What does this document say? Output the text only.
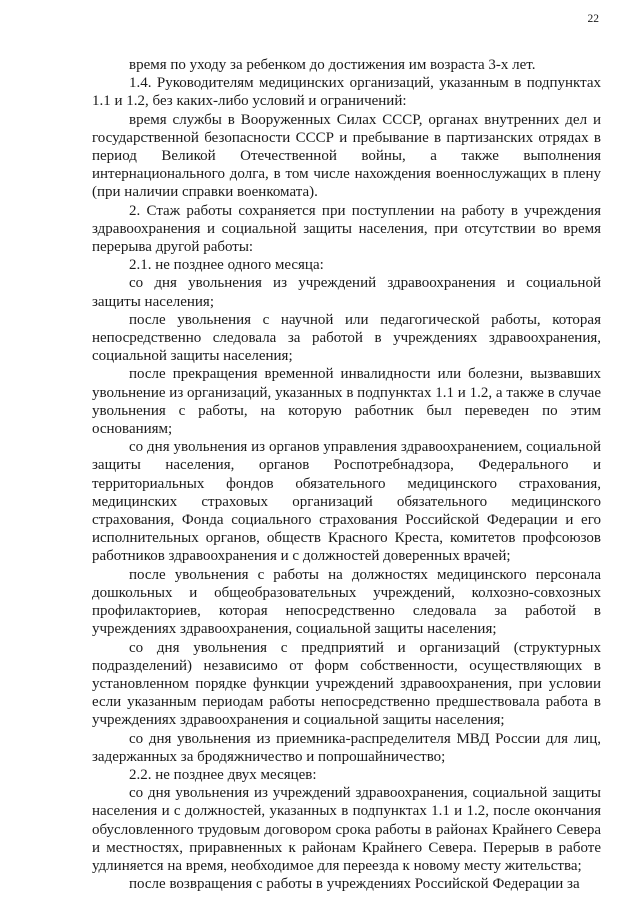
22

время по уходу за ребенком до достижения им возраста 3-х лет.

1.4. Руководителям медицинских организаций, указанным в подпунктах 1.1 и 1.2, без каких-либо условий и ограничений:

время службы в Вооруженных Силах СССР, органах внутренних дел и государственной безопасности СССР и пребывание в партизанских отрядах в период Великой Отечественной войны, а также выполнения интернационального долга, в том числе нахождения военнослужащих в плену (при наличии справки военкомата).

2. Стаж работы сохраняется при поступлении на работу в учреждения здравоохранения и социальной защиты населения, при отсутствии во время перерыва другой работы:

2.1. не позднее одного месяца:

со дня увольнения из учреждений здравоохранения и социальной защиты населения;

после увольнения с научной или педагогической работы, которая непосредственно следовала за работой в учреждениях здравоохранения, социальной защиты населения;

после прекращения временной инвалидности или болезни, вызвавших увольнение из организаций, указанных в подпунктах 1.1 и 1.2, а также в случае увольнения с работы, на которую работник был переведен по этим основаниям;

со дня увольнения из органов управления здравоохранением, социальной защиты населения, органов Роспотребнадзора, Федерального и территориальных фондов обязательного медицинского страхования, медицинских страховых организаций обязательного медицинского страхования, Фонда социального страхования Российской Федерации и его исполнительных органов, обществ Красного Креста, комитетов профсоюзов работников здравоохранения и с должностей доверенных врачей;

после увольнения с работы на должностях медицинского персонала дошкольных и общеобразовательных учреждений, колхозно-совхозных профилакториев, которая непосредственно следовала за работой в учреждениях здравоохранения, социальной защиты населения;

со дня увольнения с предприятий и организаций (структурных подразделений) независимо от форм собственности, осуществляющих в установленном порядке функции учреждений здравоохранения, при условии если указанным периодам работы непосредственно предшествовала работа в учреждениях здравоохранения и социальной защиты населения;

со дня увольнения из приемника-распределителя МВД России для лиц, задержанных за бродяжничество и попрошайничество;

2.2. не позднее двух месяцев:

со дня увольнения из учреждений здравоохранения, социальной защиты населения и с должностей, указанных в подпунктах 1.1 и 1.2, после окончания обусловленного трудовым договором срока работы в районах Крайнего Севера и местностях, приравненных к районам Крайнего Севера. Перерыв в работе удлиняется на время, необходимое для переезда к новому месту жительства;

после возвращения с работы в учреждениях Российской Федерации за
